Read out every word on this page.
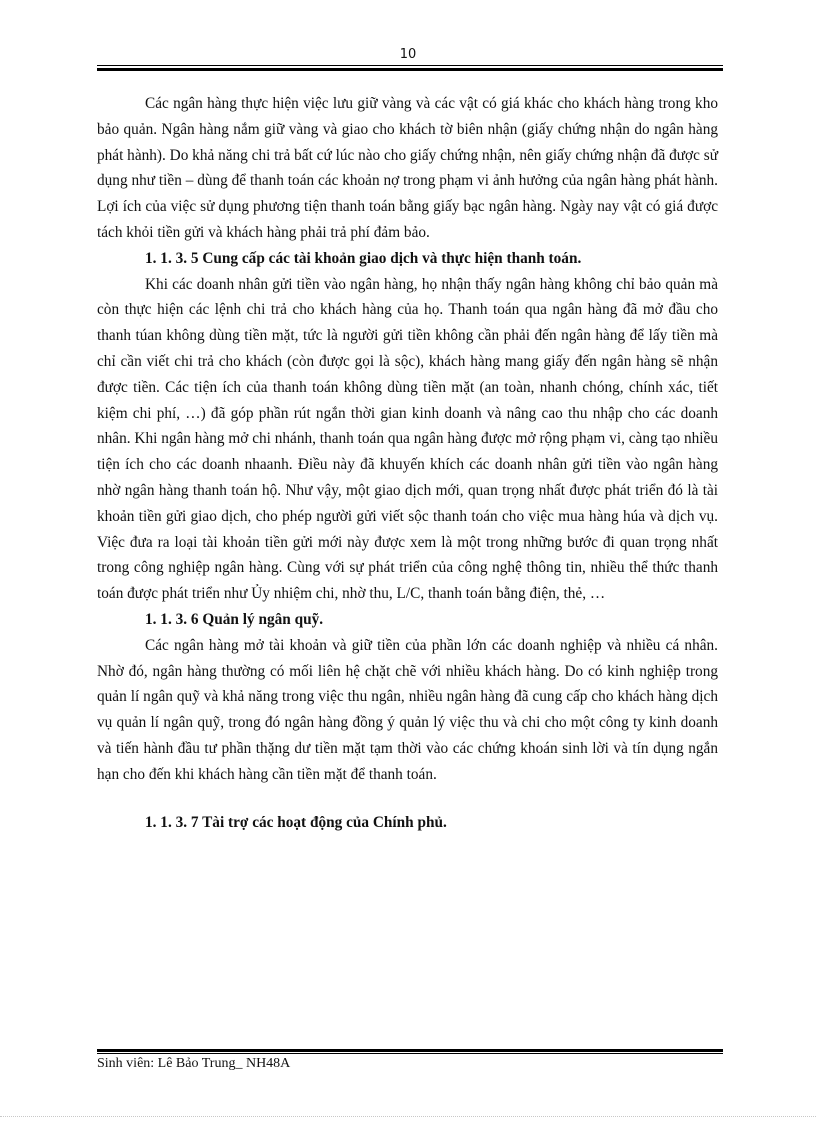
10

Các ngân hàng thực hiện việc lưu giữ vàng và các vật có giá khác cho khách hàng trong kho bảo quản. Ngân hàng nắm giữ vàng và giao cho khách tờ biên nhận (giấy chứng nhận do ngân hàng phát hành). Do khả năng chi trả bất cứ lúc nào cho giấy chứng nhận, nên giấy chứng nhận đã được sử dụng như tiền – dùng để thanh toán các khoản nợ trong phạm vi ảnh hưởng của ngân hàng phát hành. Lợi ích của việc sử dụng phương tiện thanh toán bằng giấy bạc ngân hàng. Ngày nay vật có giá được tách khỏi tiền gửi và khách hàng phải trả phí đảm bảo.

1. 1. 3. 5 Cung cấp các tài khoản giao dịch và thực hiện thanh toán.

Khi các doanh nhân gửi tiền vào ngân hàng, họ nhận thấy ngân hàng không chỉ bảo quản mà còn thực hiện các lệnh chi trả cho khách hàng của họ. Thanh toán qua ngân hàng đã mở đầu cho thanh túan không dùng tiền mặt, tức là người gửi tiền không cần phải đến ngân hàng để lấy tiền mà chỉ cần viết chi trả cho khách (còn được gọi là sộc), khách hàng mang giấy đến ngân hàng sẽ nhận được tiền. Các tiện ích của thanh toán không dùng tiền mặt (an toàn, nhanh chóng, chính xác, tiết kiệm chi phí, …) đã góp phần rút ngắn thời gian kinh doanh và nâng cao thu nhập cho các doanh nhân. Khi ngân hàng mở chi nhánh, thanh toán qua ngân hàng được mở rộng phạm vi, càng tạo nhiều tiện ích cho các doanh nhaanh. Điều này đã khuyến khích các doanh nhân gửi tiền vào ngân hàng nhờ ngân hàng thanh toán hộ. Như vậy, một giao dịch mới, quan trọng nhất được phát triển đó là tài khoản tiền gửi giao dịch, cho phép người gửi viết sộc thanh toán cho việc mua hàng húa và dịch vụ. Việc đưa ra loại tài khoản tiền gửi mới này được xem là một trong những bước đi quan trọng nhất trong công nghiệp ngân hàng. Cùng với sự phát triển của công nghệ thông tin, nhiều thể thức thanh toán được phát triển như Ủy nhiệm chi, nhờ thu, L/C, thanh toán bằng điện, thẻ, …

1. 1. 3. 6 Quản lý ngân quỹ.

Các ngân hàng mở tài khoản và giữ tiền của phần lớn các doanh nghiệp và nhiều cá nhân. Nhờ đó, ngân hàng thường có mối liên hệ chặt chẽ với nhiều khách hàng. Do có kinh nghiệp trong quản lí ngân quỹ và khả năng trong việc thu ngân, nhiều ngân hàng đã cung cấp cho khách hàng dịch vụ quản lí ngân quỹ, trong đó ngân hàng đồng ý quản lý việc thu và chi cho một công ty kinh doanh và tiến hành đầu tư phần thặng dư tiền mặt tạm thời vào các chứng khoán sinh lời và tín dụng ngắn hạn cho đến khi khách hàng cần tiền mặt để thanh toán.

1. 1. 3. 7 Tài trợ các hoạt động của Chính phủ.

Sinh viên: Lê Bảo Trung_ NH48A
